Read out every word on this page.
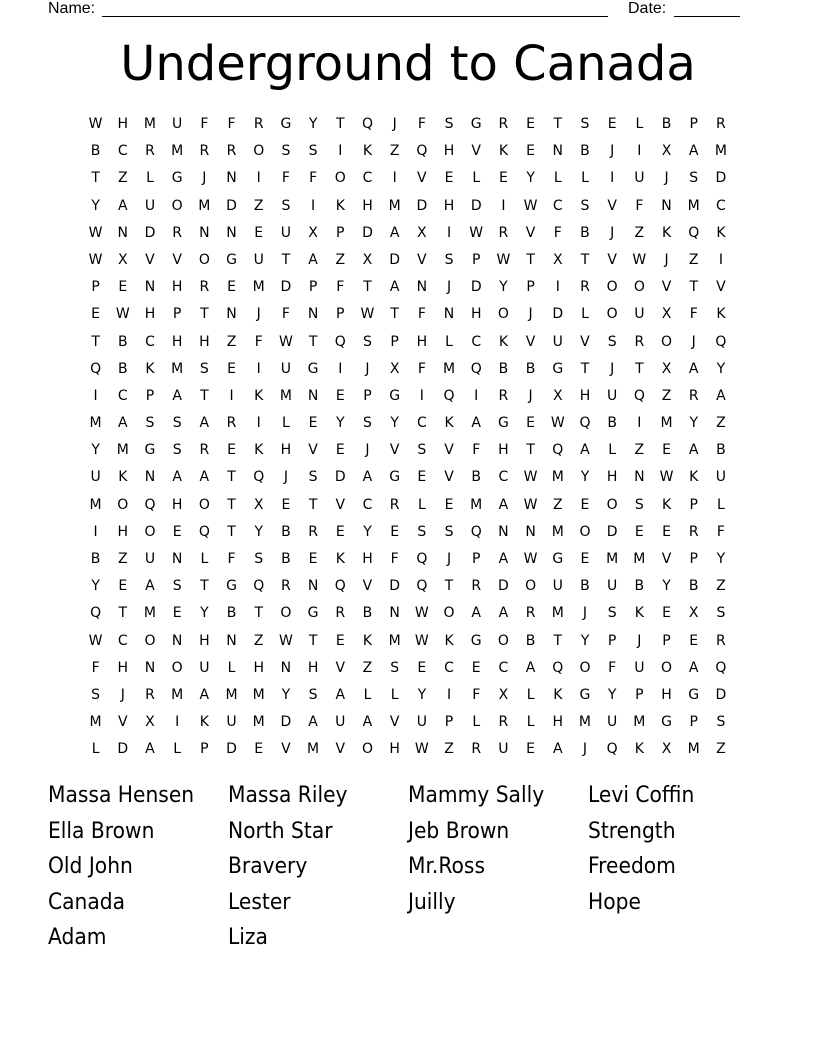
Name:	Date:
Underground to Canada
W	H	M	U	F	F	R	G	Y	T	Q	J	F	S	G	R	E	T	S	E	L	B	P	R
B	C	R	M	R	R	O	S	S	I	K	Z	Q	H	V	K	E	N	B	J	I	X	A	M
T	Z	L	G	J	N	I	F	F	O	C	I	V	E	L	E	Y	L	L	I	U	J	S	D
Y	A	U	O	M	D	Z	S	I	K	H	M	D	H	D	I	W	C	S	V	F	N	M	C
W	N	D	R	N	N	E	U	X	P	D	A	X	I	W	R	V	F	B	J	Z	K	Q	K
W	X	V	V	O	G	U	T	A	Z	X	D	V	S	P	W	T	X	T	V	W	J	Z	I
P	E	N	H	R	E	M	D	P	F	T	A	N	J	D	Y	P	I	R	O	O	V	T	V
E	W	H	P	T	N	J	F	N	P	W	T	F	N	H	O	J	D	L	O	U	X	F	K
T	B	C	H	H	Z	F	W	T	Q	S	P	H	L	C	K	V	U	V	S	R	O	J	Q
Q	B	K	M	S	E	I	U	G	I	J	X	F	M	Q	B	B	G	T	J	T	X	A	Y
I	C	P	A	T	I	K	M	N	E	P	G	I	Q	I	R	J	X	H	U	Q	Z	R	A
M	A	S	S	A	R	I	L	E	Y	S	Y	C	K	A	G	E	W	Q	B	I	M	Y	Z
Y	M	G	S	R	E	K	H	V	E	J	V	S	V	F	H	T	Q	A	L	Z	E	A	B
U	K	N	A	A	T	Q	J	S	D	A	G	E	V	B	C	W	M	Y	H	N	W	K	U
M	O	Q	H	O	T	X	E	T	V	C	R	L	E	M	A	W	Z	E	O	S	K	P	L
I	H	O	E	Q	T	Y	B	R	E	Y	E	S	S	Q	N	N	M	O	D	E	E	R	F
B	Z	U	N	L	F	S	B	E	K	H	F	Q	J	P	A	W	G	E	M	M	V	P	Y
Y	E	A	S	T	G	Q	R	N	Q	V	D	Q	T	R	D	O	U	B	U	B	Y	B	Z
Q	T	M	E	Y	B	T	O	G	R	B	N	W	O	A	A	R	M	J	S	K	E	X	S
W	C	O	N	H	N	Z	W	T	E	K	M	W	K	G	O	B	T	Y	P	J	P	E	R
F	H	N	O	U	L	H	N	H	V	Z	S	E	C	E	C	A	Q	O	F	U	O	A	Q
S	J	R	M	A	M	M	Y	S	A	L	L	Y	I	F	X	L	K	G	Y	P	H	G	D
M	V	X	I	K	U	M	D	A	U	A	V	U	P	L	R	L	H	M	U	M	G	P	S
L	D	A	L	P	D	E	V	M	V	O	H	W	Z	R	U	E	A	J	Q	K	X	M	Z
Massa Hensen	Massa Riley	Mammy Sally	Levi Coffin
Ella Brown	North Star	Jeb Brown	Strength
Old John	Bravery	Mr.Ross	Freedom
Canada	Lester	Juilly	Hope
Adam	Liza
